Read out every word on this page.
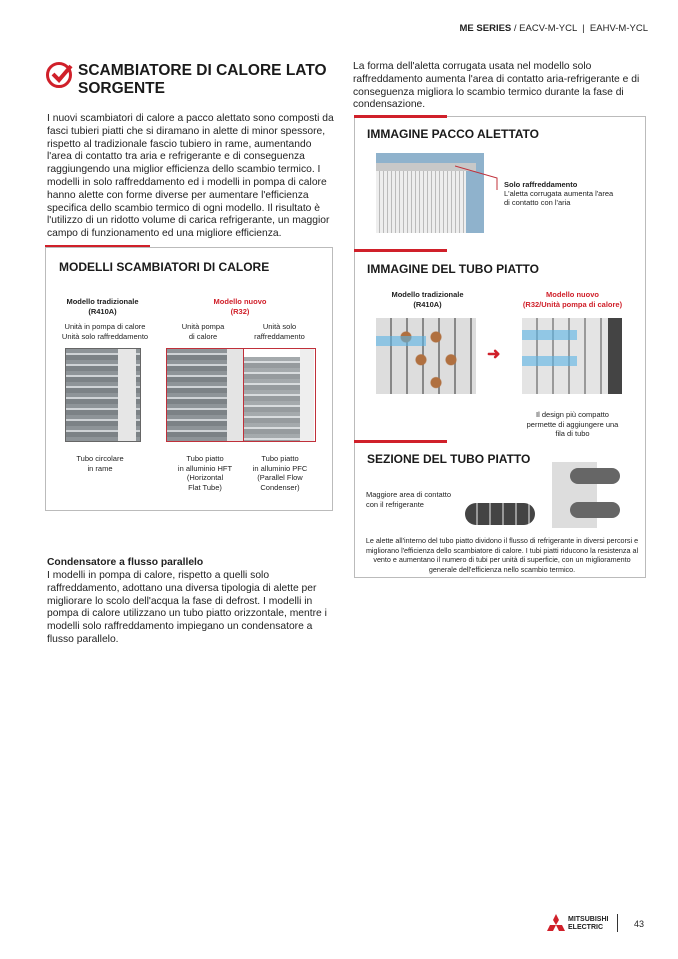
ME SERIES / EACV-M-YCL  |  EAHV-M-YCL
SCAMBIATORE DI CALORE LATO SORGENTE
I nuovi scambiatori di calore a pacco alettato sono composti da fasci tubieri piatti che si diramano in alette di minor spessore, rispetto al tradizionale fascio tubiero in rame, aumentando l'area di contatto tra aria e refrigerante e di conseguenza raggiungendo una miglior efficienza dello scambio termico. I modelli in solo raffreddamento ed i modelli in pompa di calore hanno alette con forme diverse per aumentare l'efficienza specifica dello scambio termico di ogni modello. Il risultato è l'utilizzo di un ridotto volume di carica refrigerante, un maggior campo di funzionamento ed una migliore efficienza.
MODELLI SCAMBIATORI DI CALORE
Modello tradizionale
(R410A)
Modello nuovo
(R32)
Unità in pompa di calore
Unità solo raffreddamento
Unità pompa
di calore
Unità solo
raffreddamento
Tubo circolare
in rame
Tubo piatto
in alluminio HFT
(Horizontal
Flat Tube)
Tubo piatto
in alluminio PFC
(Parallel Flow
Condenser)
Condensatore a flusso parallelo
I modelli in pompa di calore, rispetto a quelli solo raffreddamento, adottano una diversa tipologia di alette per migliorare lo scolo dell'acqua la fase di defrost. I modelli in pompa di calore utilizzano un tubo piatto orizzontale, mentre i modelli solo raffreddamento impiegano un condensatore a flusso parallelo.
La forma dell'aletta corrugata usata nel modello solo raffreddamento aumenta l'area di contatto aria-refrigerante e di conseguenza migliora lo scambio termico durante la fase di condensazione.
IMMAGINE PACCO ALETTATO
Solo raffreddamento
L'aletta corrugata aumenta l'area
di contatto con l'aria
IMMAGINE DEL TUBO PIATTO
Modello tradizionale
(R410A)
Modello nuovo
(R32/Unità pompa di calore)
➜
Il design più compatto
permette di aggiungere una
fila di tubo
SEZIONE DEL TUBO PIATTO
Maggiore area di contatto
con il refrigerante
Le alette all'interno del tubo piatto dividono il flusso di refrigerante in diversi percorsi e migliorano l'efficienza dello scambiatore di calore. I tubi piatti riducono la resistenza al vento e aumentano il numero di tubi per unità di superficie, con un miglioramento generale dell'efficienza nello scambio termico.
MITSUBISHI
ELECTRIC	43
